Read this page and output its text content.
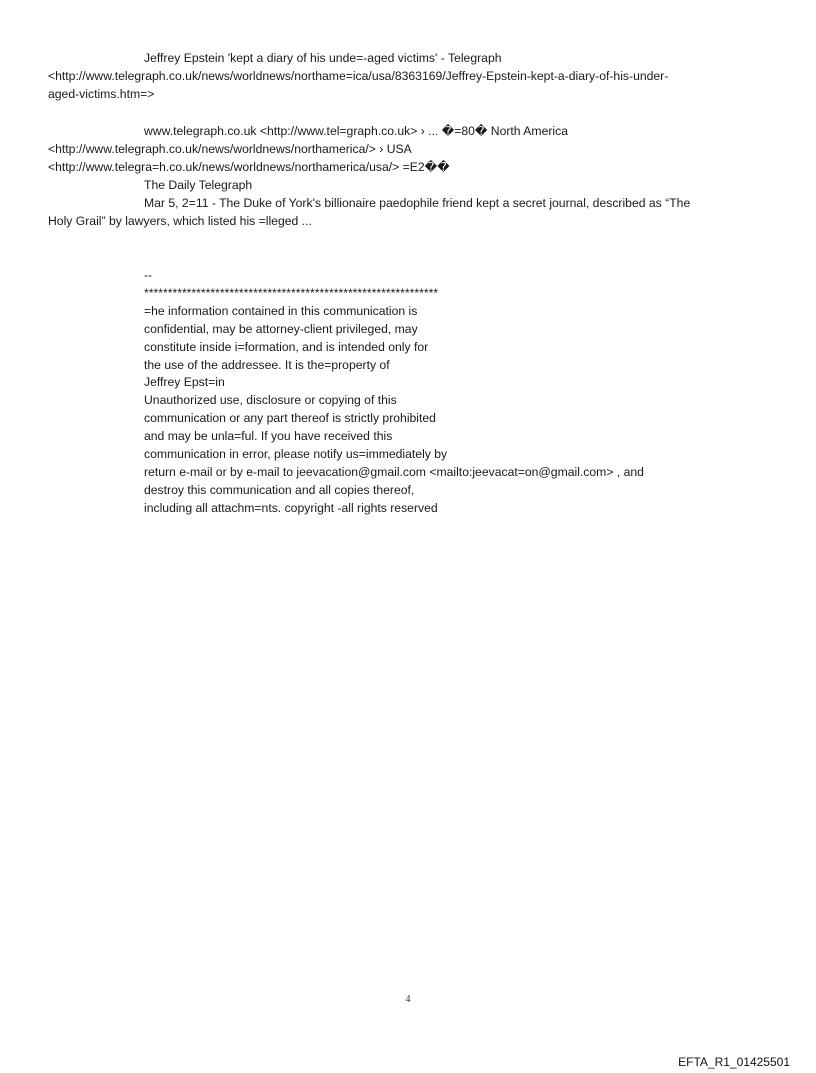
Jeffrey Epstein 'kept a diary of his unde=-aged victims' - Telegraph
<http://www.telegraph.co.uk/news/worldnews/northame=ica/usa/8363169/Jeffrey-Epstein-kept-a-diary-of-his-under-
aged-victims.htm=>
www.telegraph.co.uk <http://www.tel=graph.co.uk> › ... �=80� North America
<http://www.telegraph.co.uk/news/worldnews/northamerica/> › USA
<http://www.telegra=h.co.uk/news/worldnews/northamerica/usa/> =E2��
The Daily Telegraph
Mar 5, 2=11 - The Duke of York's billionaire paedophile friend kept a secret journal, described as “The
Holy Grail” by lawyers, which listed his =lleged ...
--
**************************************************************
=he information contained in this communication is
confidential, may be attorney-client privileged, may
constitute inside i=formation, and is intended only for
the use of the addressee. It is the=property of
Jeffrey Epst=in
Unauthorized use, disclosure or copying of this
communication or any part thereof is strictly prohibited
and may be unla=ful. If you have received this
communication in error, please notify us=immediately by
return e-mail or by e-mail to jeevacation@gmail.com <mailto:jeevacat=on@gmail.com> , and
destroy this communication and all copies thereof,
including all attachm=nts. copyright -all rights reserved
4
EFTA_R1_01425501
